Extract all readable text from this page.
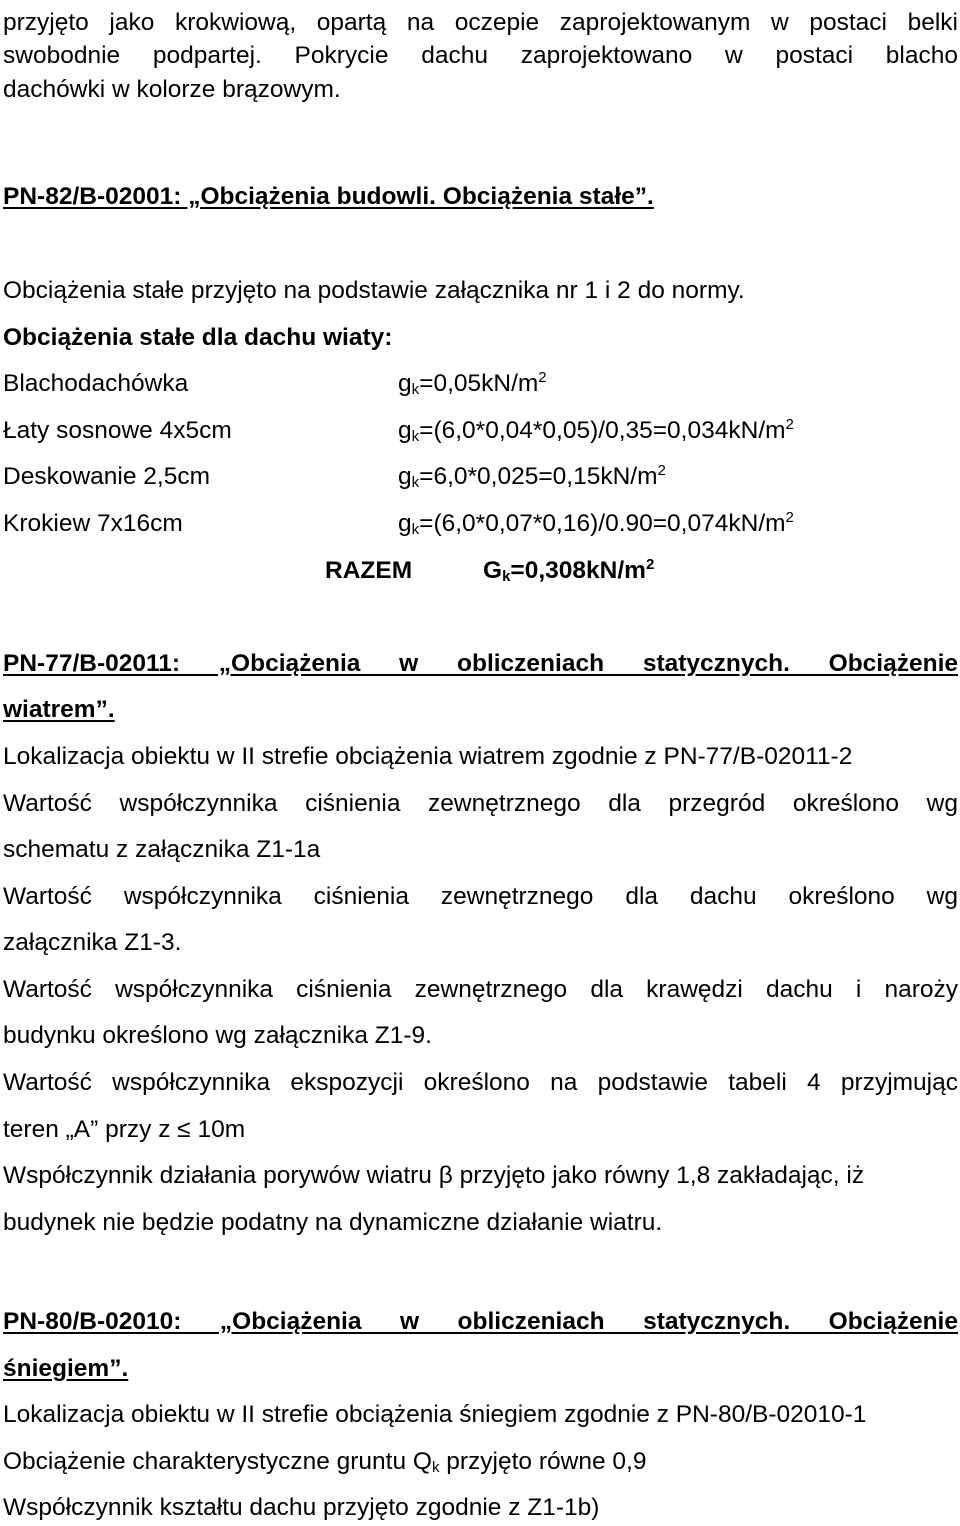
przyjęto jako krokwiową, opartą na oczepie zaprojektowanym w postaci belki
swobodnie podpartej. Pokrycie dachu zaprojektowano w postaci blacho
dachówki w kolorze brązowym.
PN-82/B-02001: „Obciążenia budowli. Obciążenia stałe”.
Obciążenia stałe przyjęto na podstawie załącznika nr 1 i 2 do normy.
Obciążenia stałe dla dachu wiaty:
Blachodachówka	$g_k=0,05kN/m^2$
Łaty sosnowe 4x5cm	$g_k=(6,0*0,04*0,05)/0,35=0,034kN/m^2$
Deskowanie 2,5cm	$g_k=6,0*0,025=0,15kN/m^2$
Krokiew 7x16cm	$g_k=(6,0*0,07*0,16)/0.90=0,074kN/m^2$
RAZEM	$G_k=0,308kN/m^2$
PN-77/B-02011: „Obciążenia w obliczeniach statycznych. Obciążenie
wiatrem”.
Lokalizacja obiektu w II strefie obciążenia wiatrem zgodnie z PN-77/B-02011-2
Wartość współczynnika ciśnienia zewnętrznego dla przegród określono wg
schematu z załącznika Z1-1a
Wartość współczynnika ciśnienia zewnętrznego dla dachu określono wg
załącznika Z1-3.
Wartość współczynnika ciśnienia zewnętrznego dla krawędzi dachu i naroży
budynku określono wg załącznika Z1-9.
Wartość współczynnika ekspozycji określono na podstawie tabeli 4 przyjmując
teren „A” przy z ≤ 10m
Współczynnik działania porywów wiatru β przyjęto jako równy 1,8 zakładając, iż
budynek nie będzie podatny na dynamiczne działanie wiatru.
PN-80/B-02010: „Obciążenia w obliczeniach statycznych. Obciążenie
śniegiem”.
Lokalizacja obiektu w II strefie obciążenia śniegiem zgodnie z PN-80/B-02010-1
Obciążenie charakterystyczne gruntu $Q_k$ przyjęto równe 0,9
Współczynnik kształtu dachu przyjęto zgodnie z Z1-1b)
